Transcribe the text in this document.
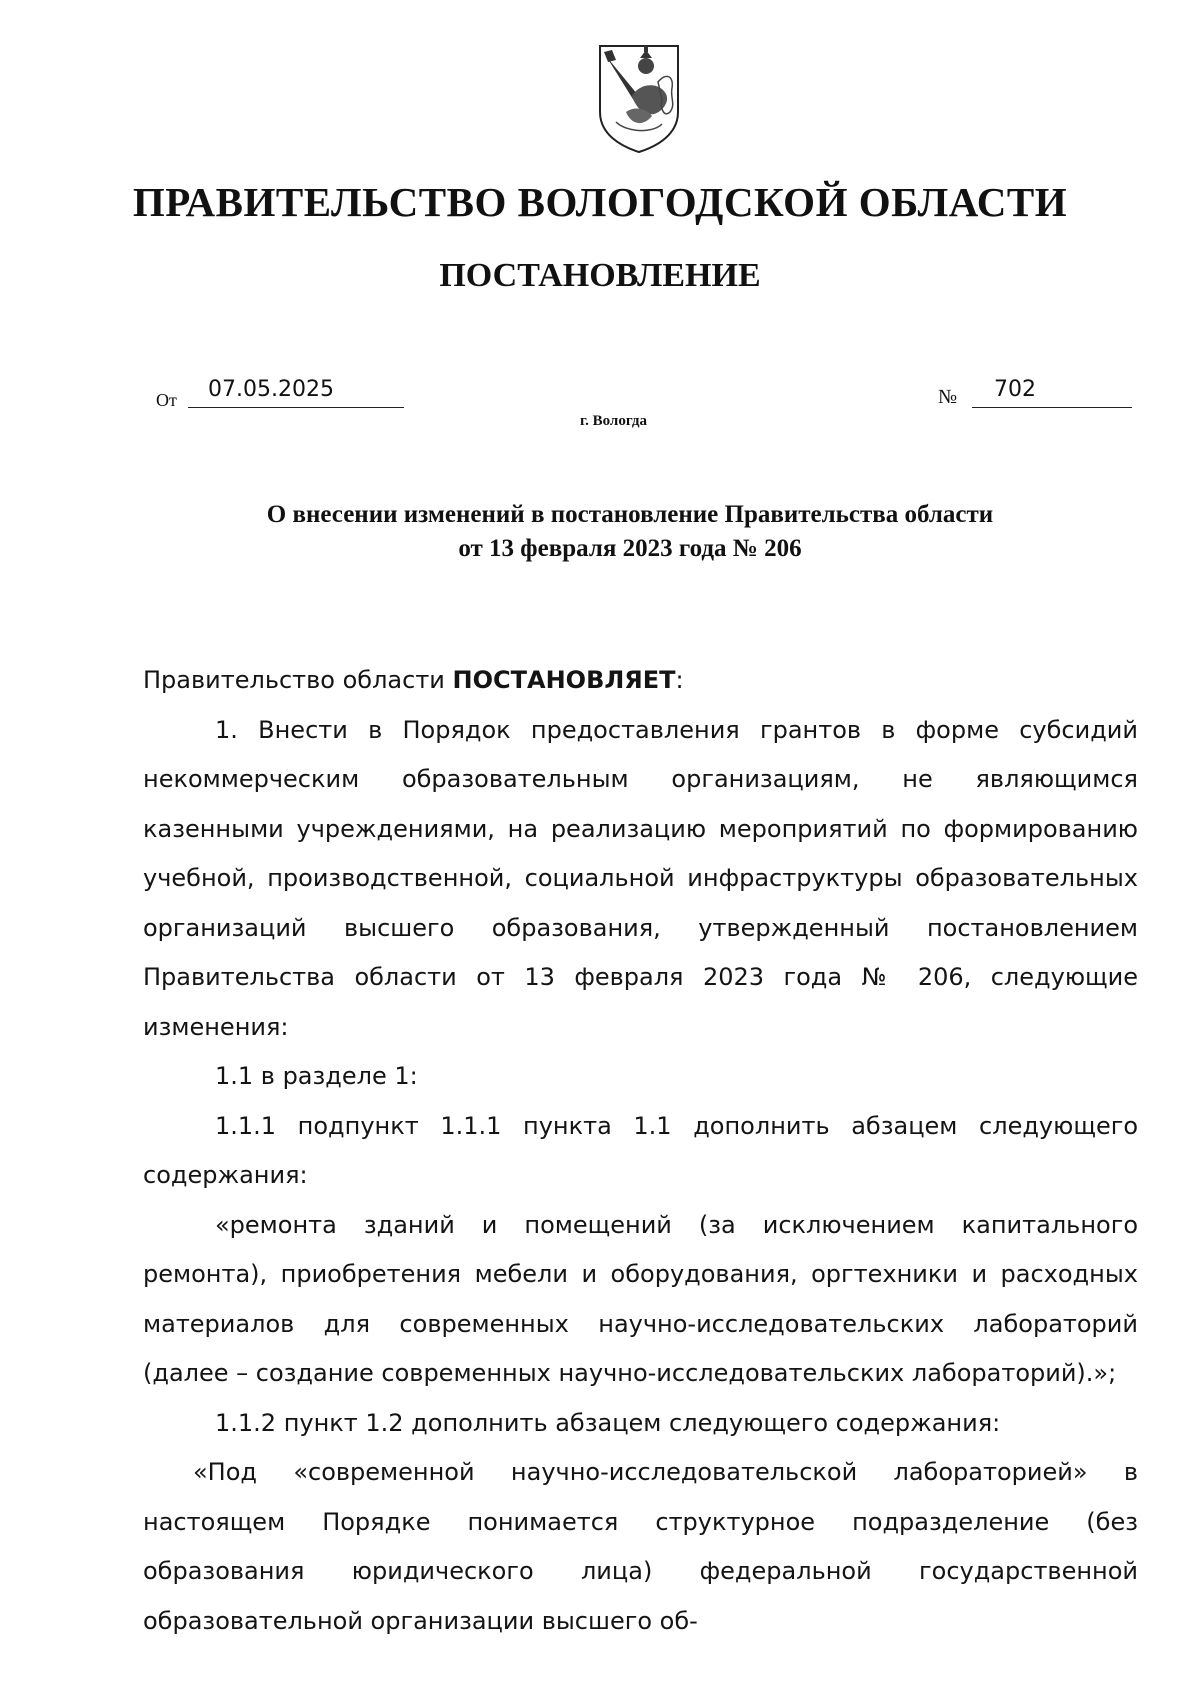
ПРАВИТЕЛЬСТВО ВОЛОГОДСКОЙ ОБЛАСТИ
ПОСТАНОВЛЕНИЕ
От	07.05.2025	№	702
г. Вологда
О внесении изменений в постановление Правительства области
от 13 февраля 2023 года № 206

Правительство области ПОСТАНОВЛЯЕТ:

1. Внести в Порядок предоставления грантов в форме субсидий некоммерческим образовательным организациям, не являющимся казенными учреждениями, на реализацию мероприятий по формированию учебной, производственной, социальной инфраструктуры образовательных организаций высшего образования, утвержденный постановлением Правительства области от 13 февраля 2023 года № 206, следующие изменения:

1.1 в разделе 1:

1.1.1 подпункт 1.1.1 пункта 1.1 дополнить абзацем следующего содержания:

«ремонта зданий и помещений (за исключением капитального ремонта), приобретения мебели и оборудования, оргтехники и расходных материалов для современных научно-исследовательских лабораторий (далее – создание современных научно-исследовательских лабораторий).»;

1.1.2 пункт 1.2 дополнить абзацем следующего содержания:

«Под «современной научно-исследовательской лабораторией» в настоящем Порядке понимается структурное подразделение (без образования юридического лица) федеральной государственной образовательной организации высшего об-
